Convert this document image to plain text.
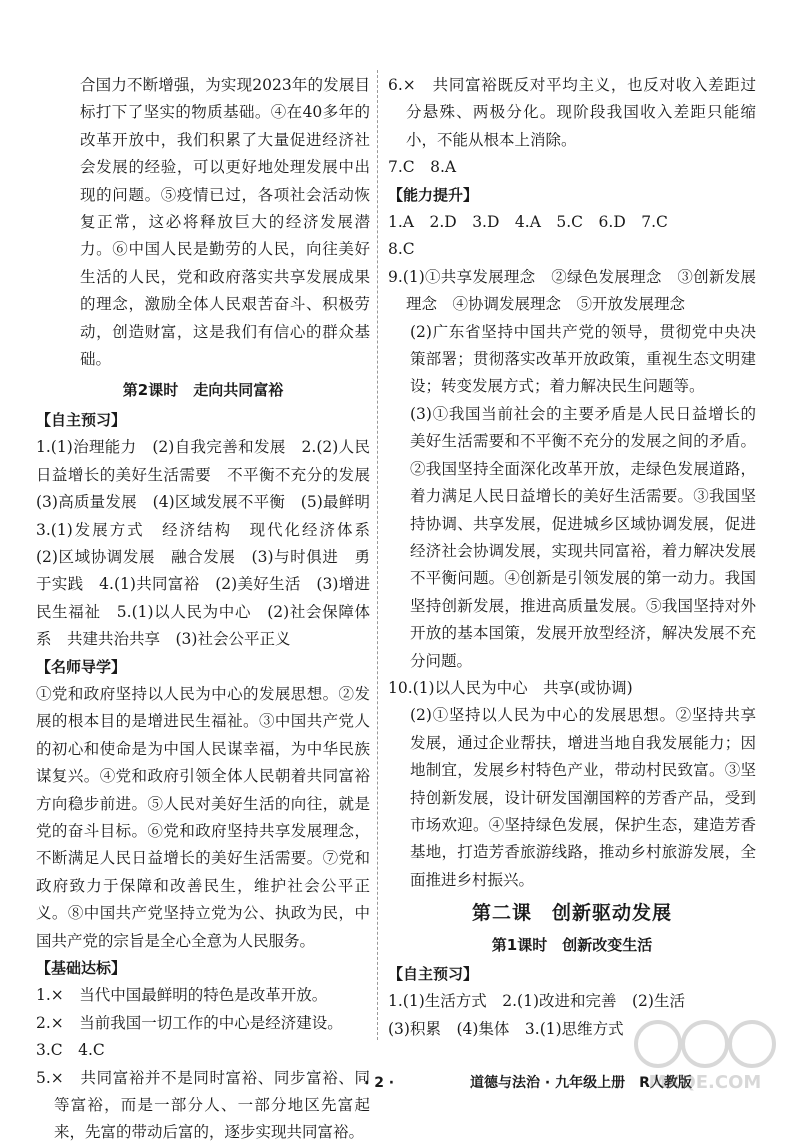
合国力不断增强，为实现2023年的发展目标打下了坚实的物质基础。④在40多年的改革开放中，我们积累了大量促进经济社会发展的经验，可以更好地处理发展中出现的问题。⑤疫情已过，各项社会活动恢复正常，这必将释放巨大的经济发展潜力。⑥中国人民是勤劳的人民，向往美好生活的人民，党和政府落实共享发展成果的理念，激励全体人民艰苦奋斗、积极劳动，创造财富，这是我们有信心的群众基础。

第2课时　走向共同富裕
【自主预习】

1.(1)治理能力　(2)自我完善和发展　2.(2)人民日益增长的美好生活需要　不平衡不充分的发展　(3)高质量发展　(4)区域发展不平衡　(5)最鲜明　3.(1)发展方式　经济结构　现代化经济体系　(2)区域协调发展　融合发展　(3)与时俱进　勇于实践　4.(1)共同富裕　(2)美好生活　(3)增进民生福祉　5.(1)以人民为中心　(2)社会保障体系　共建共治共享　(3)社会公平正义

【名师导学】

①党和政府坚持以人民为中心的发展思想。②发展的根本目的是增进民生福祉。③中国共产党人的初心和使命是为中国人民谋幸福，为中华民族谋复兴。④党和政府引领全体人民朝着共同富裕方向稳步前进。⑤人民对美好生活的向往，就是党的奋斗目标。⑥党和政府坚持共享发展理念，不断满足人民日益增长的美好生活需要。⑦党和政府致力于保障和改善民生，维护社会公平正义。⑧中国共产党坚持立党为公、执政为民，中国共产党的宗旨是全心全意为人民服务。

【基础达标】

1.×　当代中国最鲜明的特色是改革开放。

2.×　当前我国一切工作的中心是经济建设。

3.C　4.C

5.×　共同富裕并不是同时富裕、同步富裕、同等富裕，而是一部分人、一部分地区先富起来，先富的带动后富的，逐步实现共同富裕。

6.×　共同富裕既反对平均主义，也反对收入差距过分悬殊、两极分化。现阶段我国收入差距只能缩小，不能从根本上消除。

7.C　8.A

【能力提升】

1.A　2.D　3.D　4.A　5.C　6.D　7.C

8.C

9.(1)①共享发展理念　②绿色发展理念　③创新发展理念　④协调发展理念　⑤开放发展理念

(2)广东省坚持中国共产党的领导，贯彻党中央决策部署；贯彻落实改革开放政策，重视生态文明建设；转变发展方式；着力解决民生问题等。

(3)①我国当前社会的主要矛盾是人民日益增长的美好生活需要和不平衡不充分的发展之间的矛盾。②我国坚持全面深化改革开放，走绿色发展道路，着力满足人民日益增长的美好生活需要。③我国坚持协调、共享发展，促进城乡区域协调发展，促进经济社会协调发展，实现共同富裕，着力解决发展不平衡问题。④创新是引领发展的第一动力。我国坚持创新发展，推进高质量发展。⑤我国坚持对外开放的基本国策，发展开放型经济，解决发展不充分问题。

10.(1)以人民为中心　共享(或协调)

(2)①坚持以人民为中心的发展思想。②坚持共享发展，通过企业帮扶，增进当地自我发展能力；因地制宜，发展乡村特色产业，带动村民致富。③坚持创新发展，设计研发国潮国粹的芳香产品，受到市场欢迎。④坚持绿色发展，保护生态，建造芳香基地，打造芳香旅游线路，推动乡村旅游发展，全面推进乡村振兴。

第二课　创新驱动发展
第1课时　创新改变生活
【自主预习】

1.(1)生活方式　2.(1)改进和完善　(2)生活

(3)积累　(4)集体　3.(1)思维方式

· 2 ·	道德与法治 · 九年级上册　R人教版
MXQE.COM
